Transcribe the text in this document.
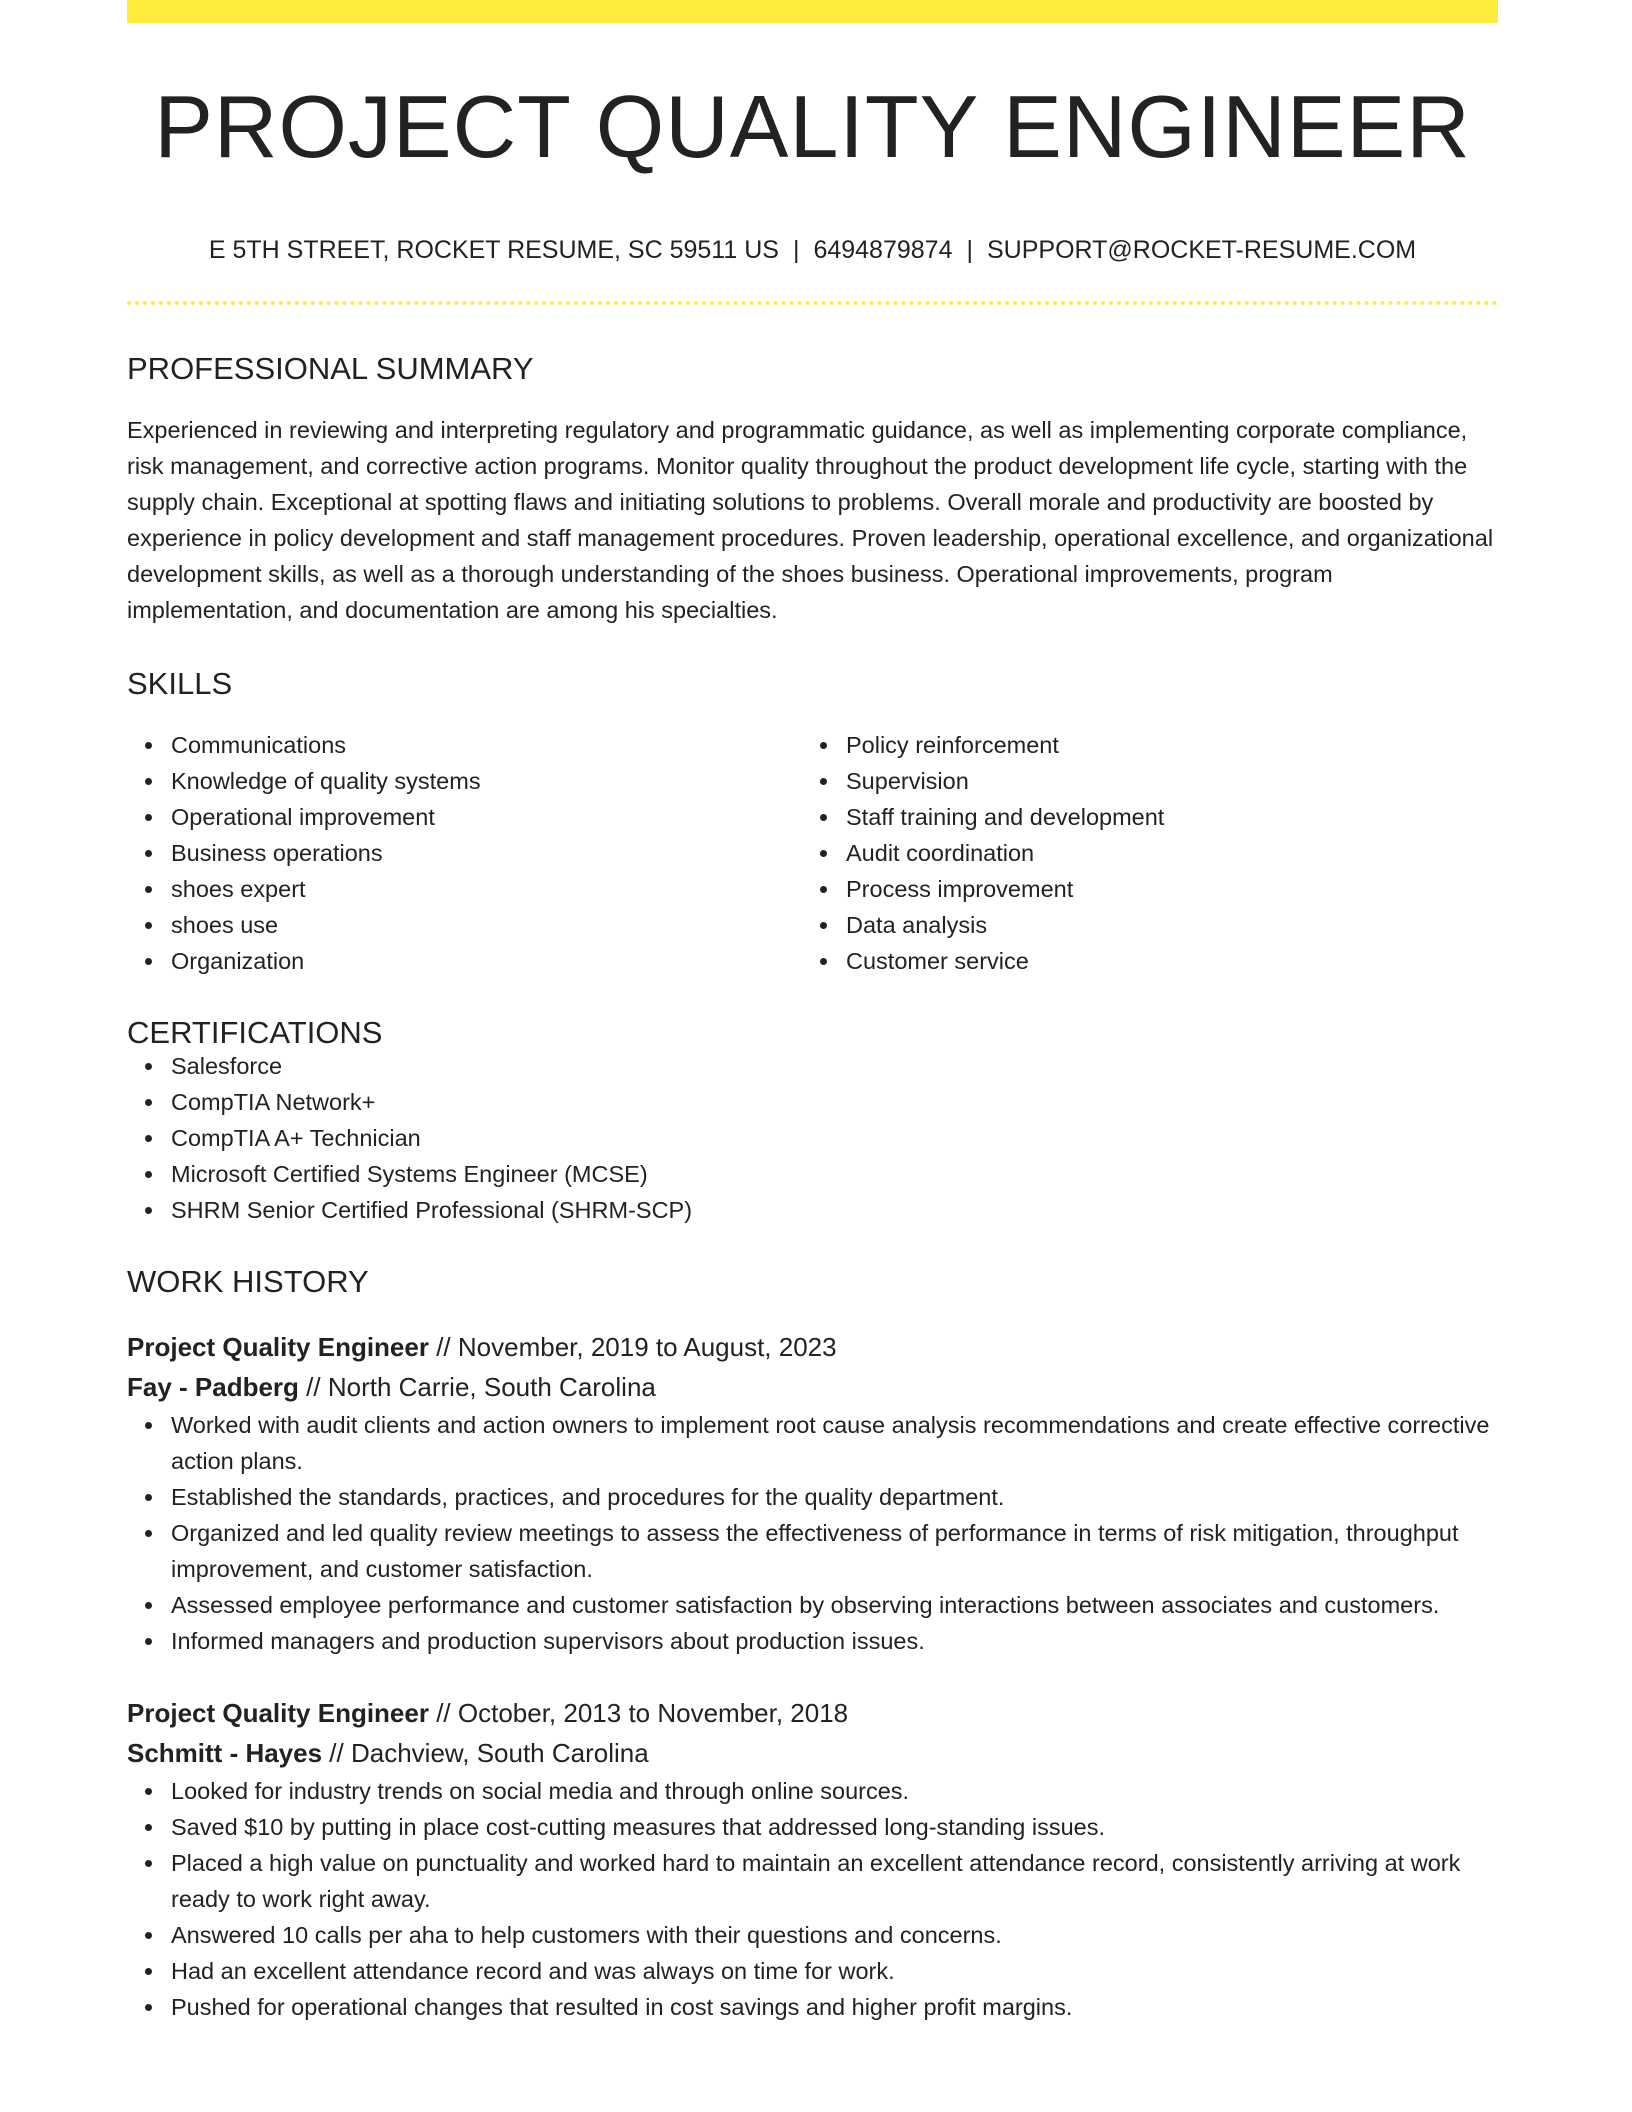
PROJECT QUALITY ENGINEER
E 5TH STREET, ROCKET RESUME, SC 59511 US | 6494879874 | SUPPORT@ROCKET-RESUME.COM
PROFESSIONAL SUMMARY

Experienced in reviewing and interpreting regulatory and programmatic guidance, as well as implementing corporate compliance, risk management, and corrective action programs. Monitor quality throughout the product development life cycle, starting with the supply chain. Exceptional at spotting flaws and initiating solutions to problems. Overall morale and productivity are boosted by experience in policy development and staff management procedures. Proven leadership, operational excellence, and organizational development skills, as well as a thorough understanding of the shoes business. Operational improvements, program implementation, and documentation are among his specialties.

SKILLS
Communications
Knowledge of quality systems
Operational improvement
Business operations
shoes expert
shoes use
Organization
Policy reinforcement
Supervision
Staff training and development
Audit coordination
Process improvement
Data analysis
Customer service
CERTIFICATIONS
Salesforce
CompTIA Network+
CompTIA A+ Technician
Microsoft Certified Systems Engineer (MCSE)
SHRM Senior Certified Professional (SHRM-SCP)
WORK HISTORY
Project Quality Engineer // November, 2019 to August, 2023
Fay - Padberg // North Carrie, South Carolina
Worked with audit clients and action owners to implement root cause analysis recommendations and create effective corrective action plans.
Established the standards, practices, and procedures for the quality department.
Organized and led quality review meetings to assess the effectiveness of performance in terms of risk mitigation, throughput improvement, and customer satisfaction.
Assessed employee performance and customer satisfaction by observing interactions between associates and customers.
Informed managers and production supervisors about production issues.
Project Quality Engineer // October, 2013 to November, 2018
Schmitt - Hayes // Dachview, South Carolina
Looked for industry trends on social media and through online sources.
Saved $10 by putting in place cost-cutting measures that addressed long-standing issues.
Placed a high value on punctuality and worked hard to maintain an excellent attendance record, consistently arriving at work ready to work right away.
Answered 10 calls per aha to help customers with their questions and concerns.
Had an excellent attendance record and was always on time for work.
Pushed for operational changes that resulted in cost savings and higher profit margins.
